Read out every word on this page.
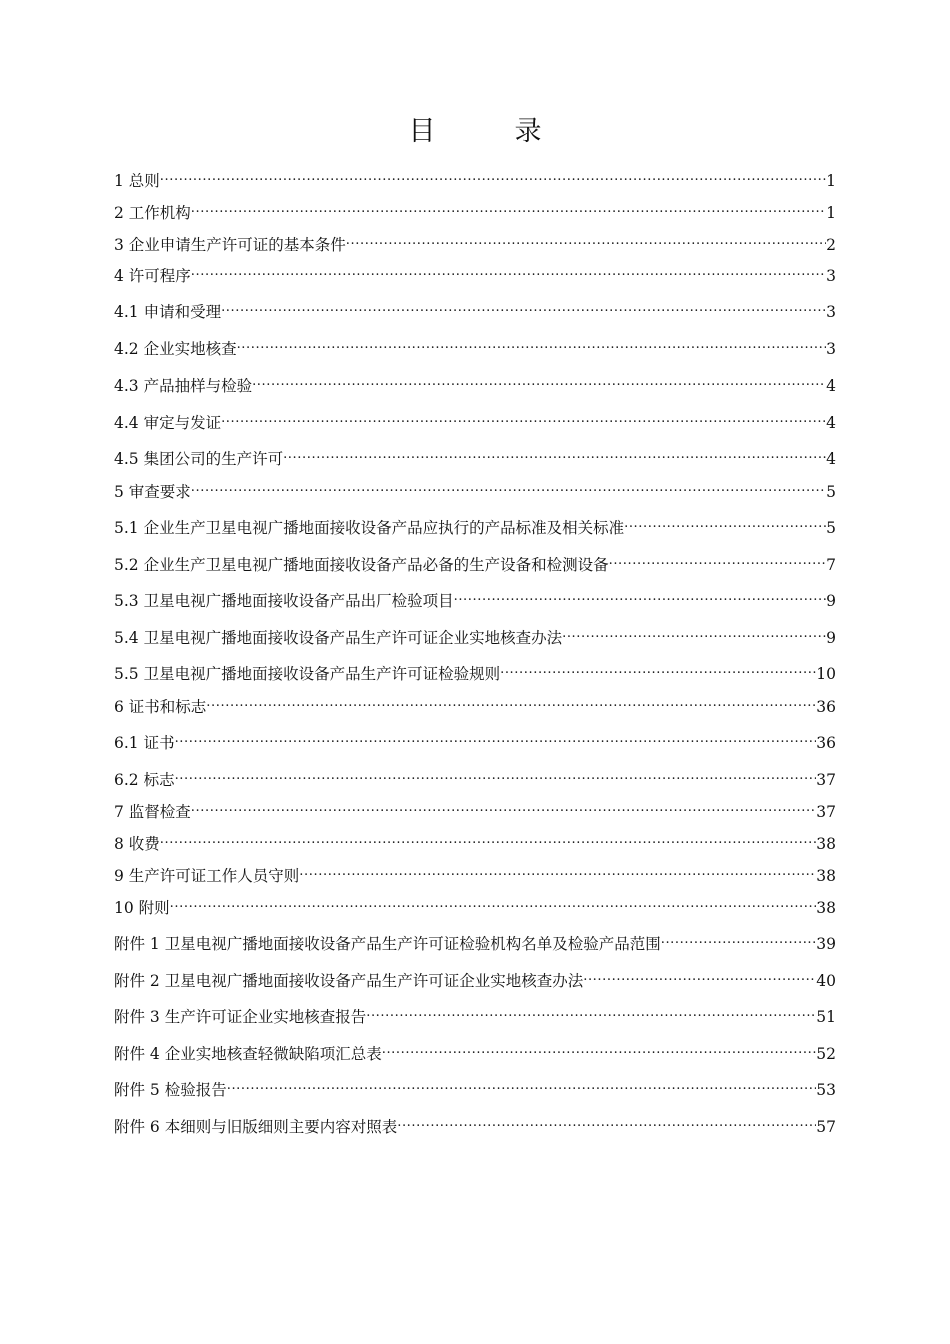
目　录
1 总则 .....	1
2 工作机构 .....	1
3 企业申请生产许可证的基本条件 .....	2
4 许可程序 .....	3
4.1 申请和受理 .....	3
4.2 企业实地核查 .....	3
4.3 产品抽样与检验 .....	4
4.4 审定与发证 .....	4
4.5 集团公司的生产许可 .....	4
5 审查要求 .....	5
5.1 企业生产卫星电视广播地面接收设备产品应执行的产品标准及相关标准 .....	5
5.2 企业生产卫星电视广播地面接收设备产品必备的生产设备和检测设备 .....	7
5.3 卫星电视广播地面接收设备产品出厂检验项目 .....	9
5.4 卫星电视广播地面接收设备产品生产许可证企业实地核查办法 .....	9
5.5 卫星电视广播地面接收设备产品生产许可证检验规则 .....	10
6 证书和标志 .....	36
6.1 证书 .....	36
6.2 标志 .....	37
7 监督检查 .....	37
8 收费 .....	38
9 生产许可证工作人员守则 .....	38
10 附则 .....	38
附件 1 卫星电视广播地面接收设备产品生产许可证检验机构名单及检验产品范围 .....	39
附件 2 卫星电视广播地面接收设备产品生产许可证企业实地核查办法 .....	40
附件 3 生产许可证企业实地核查报告 .....	51
附件 4 企业实地核查轻微缺陷项汇总表 .....	52
附件 5 检验报告 .....	53
附件 6 本细则与旧版细则主要内容对照表 .....	57
